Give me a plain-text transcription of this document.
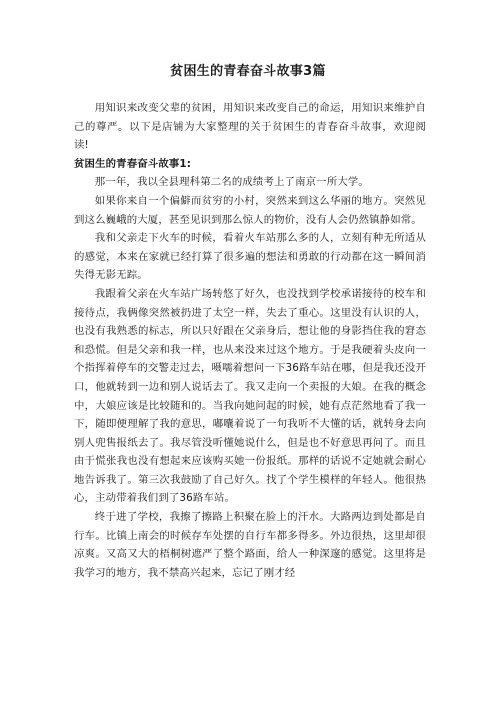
贫困生的青春奋斗故事3篇

用知识来改变父辈的贫困，用知识来改变自己的命运，用知识来维护自己的尊严。以下是店铺为大家整理的关于贫困生的青春奋斗故事，欢迎阅读!

贫困生的青春奋斗故事1:

那一年，我以全县理科第二名的成绩考上了南京一所大学。

如果你来自一个偏僻而贫穷的小村，突然来到这么华丽的地方。突然见到这么巍峨的大厦，甚至见识到那么惊人的物价，没有人会仍然镇静如常。

我和父亲走下火车的时候，看着火车站那么多的人，立刻有种无所适从的感觉，本来在家就已经打算了很多遍的想法和勇敢的行动都在这一瞬间消失得无影无踪。

我跟着父亲在火车站广场转悠了好久，也没找到学校承诺接待的校车和接待点，我俩像突然被扔进了太空一样，失去了重心。这里没有认识的人，也没有我熟悉的标志，所以只好跟在父亲身后，想让他的身影挡住我的窘态和恐慌。但是父亲和我一样，也从来没来过这个地方。于是我硬着头皮向一个指挥着停车的交警走过去，嗫嚅着想问一下36路车站在哪，但是我还没开口，他就转到一边和别人说话去了。我又走向一个卖报的大娘。在我的概念中，大娘应该是比较随和的。当我向她问起的时候，她有点茫然地看了我一下，随即便理解了我的意思，嘟囔着说了一句我听不大懂的话，就转身去向别人兜售报纸去了。我尽管没听懂她说什么，但是也不好意思再问了。而且由于慌张我也没有想起来应该购买她一份报纸。那样的话说不定她就会耐心地告诉我了。第三次我鼓励了自己好久。找了个学生模样的年轻人。他很热心，主动带着我们到了36路车站。

终于进了学校，我擦了擦路上积聚在脸上的汗水。大路两边到处都是自行车。比镇上南会的时候存车处摆的自行车都多得多。外边很热，这里却很凉爽。又高又大的梧桐树遮严了整个路面，给人一种深邃的感觉。这里将是我学习的地方，我不禁高兴起来，忘记了刚才经
